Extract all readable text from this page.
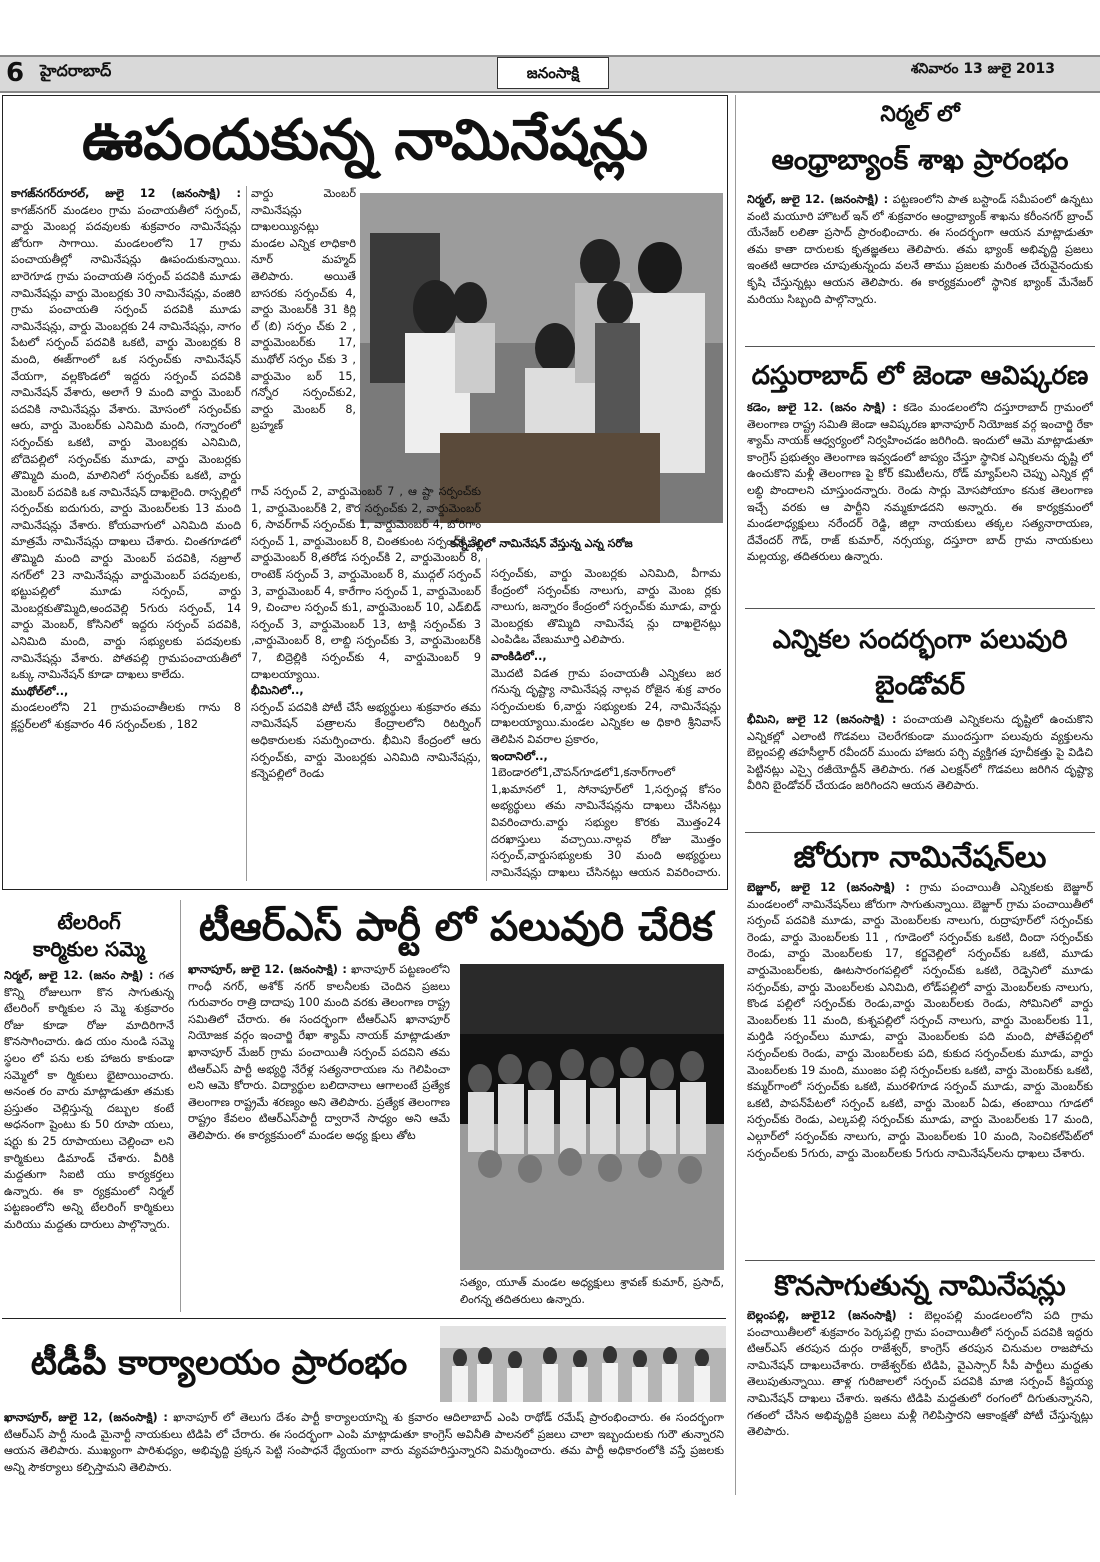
6 హైదరాబాద్	జనంసాక్షి	శనివారం 13 జులై 2013
ఊపందుకున్న నామినేషన్లు
కాగజ్‌నగర్‌రూరల్, జులై 12 (జనంసాక్షి) : కాగజ్‌నగర్ మండలం గ్రామ పంచాయతీలో సర్పంచ్, వార్డు మెంబర్ల పదవులకు శుక్రవారం నామినేషన్లు జోరుగా సాగాయి. మండలంలోని 17 గ్రామ పంచాయతీల్లో నామినేషన్లు ఊపందుకున్నాయి. బారెగూడ గ్రామ పంచాయతి సర్పంచ్ పదవికి మూడు నామినేషన్లు వార్డు మెంబర్లకు 30 నామినేషన్లు, వంజిరి గ్రామ పంచాయతి సర్పంచ్ పదవికి మూడు నామినేషన్లు, వార్డు మెంబర్లకు 24 నామినేషన్లు, నాగం పేటలో సర్పంచ్ పదవికి ఒకటి, వార్డు మెంబర్లకు 8 మంది, ఈజ్‌గాంలో ఒక సర్పంచ్‌కు నామినేషన్ వేయగా, వల్లకొండలో ఇద్దరు సర్పంచ్ పదవికి నామినేషన్ వేశారు, అలాగే 9 మంది వార్డు మెంబర్ పదవికి నామినేషన్లు వేశారు. మోసంలో సర్పంచ్‌కు ఆరు, వార్డు మెంబర్‌కు ఎనిమిది మంది, గన్నారంలో సర్పంచ్‌కు ఒకటి, వార్డు మెంబర్లకు ఎనిమిది, బోదెపల్లిలో సర్పంచ్‌కు మూడు, వార్డు మెంబర్లకు తొమ్మిది మంది, మాలినిలో సర్పంచ్‌కు ఒకటి, వార్డు మెంబర్ పదవికి ఒక నామినేషన్ దాఖలైంది. రాస్పల్లిలో సర్పంచ్‌కు ఐదుగురు, వార్డు మెంబర్‌లకు 13 మంది నామినేషన్లు వేశారు. కోయవాగులో ఎనిమిది మంది మాత్రమే నామినేషన్లు దాఖలు చేశారు. చింతగూడలో తొమ్మిది మంది వార్డు మెంబర్ పదవికి, నజ్రూల్ నగర్‌లో 23 నామినేషన్లు వార్డుమెంబర్ పదవులకు, భట్టుపల్లిలో మూడు సర్పంచ్, వార్డు మెంబర్లకుతొమ్మిది,అందవెల్లి 5గురు సర్పంచ్, 14 వార్డు మెంబర్, కోసినిలో ఇద్దరు సర్పంచ్ పదవికి, ఎనిమిది మంది, వార్డు సభ్యులకు పదవులకు నామినేషన్లు వేశారు. పోతపల్లి గ్రామపంచాయతీలో ఒక్కు నామినేషన్ కూడా దాఖలు కాలేదు.
ముథోల్‌లో..,
మండలంలోని 21 గ్రామపంచాతీలకు గాను 8 క్లస్టర్‌లలో శుక్రవారం 46 సర్పంచ్‌లకు , 182
వార్డు మెంబర్ నామినేషన్లు దాఖలయ్యినట్లు మండల ఎన్నిక లాధికారి నూర్ మహ్మద్ తెలిపారు. అయితే బాసరకు సర్పంచ్‌కు 4, వార్డు మెంబర్‌కి 31 కిర్లి ల్ (బి) సర్పం చ్‌కు 2 , వార్డుమెంబర్‌కు 17, ముథోల్ సర్పం చ్‌కు 3 , వార్డుమెం బర్ 15, గన్నోర సర్పంచ్‌కు2, వార్డు మెంబర్ 8, బ్రహ్మణ్
కన్నెపల్లిలో నామినేషన్ వేస్తున్న ఎన్న సరోజ
గావ్ సర్పంచ్ 2, వార్డుమెంబర్ 7 , ఆ ష్టా సర్పంచ్‌కు 1, వార్డుమెంబర్‌కి 2, కౌర సర్పంచ్‌కు 2, వార్డుమెంబర్ 6, సావర్‌గావ్ సర్పంచ్‌కు 1, వార్డుమెంబర్ 4, బోరిగాం సర్పంచ్ 1, వార్డుమెంబర్ 8, చింతకుంట సర్పంచ్‌కి 3, వార్డుమెంబర్ 8,తరోడ సర్పంచ్‌కి 2, వార్డుమెంబర్ 8, రాంటెక్ సర్పంచ్ 3, వార్డుమెంబర్ 8, ముద్గల్ సర్పంచ్ 3, వార్డుమెంబర్ 4, కారేగాం సర్పంచ్ 1, వార్డుమెంబర్ 9, చించాల సర్పంచ్ కు1, వార్డుమెంబర్ 10, ఎడ్‌బిడ్ సర్పంచ్ 3, వార్డుమెంబర్ 13, టాక్లి సర్పంచ్‌కు 3 ,వార్డుమెంబర్ 8, లాబ్ది సర్పంచ్‌కు 3, వార్డుమెంబర్‌కి 7, బిద్రెల్లికి సర్పంచ్‌కు 4, వార్డుమెంబర్ 9 దాఖలయ్యాయి.
భీమినిలో..,
సర్పంచ్ పదవికి పోటీ చేసే అభ్యర్థులు శుక్రవారం తమ నామినేషన్ పత్రాలను కేంద్రాలలోని రిటర్నింగ్ అధికారులకు సమర్పించారు. భీమిని కేంద్రంలో ఆరు సర్పంచ్‌కు, వార్డు మెంబర్లకు ఎనిమిది నామినేషన్లు, కన్నెపల్లిలో రెండు
సర్పంచ్‌కు, వార్డు మెంబర్లకు ఎనిమిది, వీగామ కేంద్రంలో సర్పంచ్‌కు నాలుగు, వార్డు మెంబ ర్లకు నాలుగు, జన్నారం కేంద్రంలో సర్పంచ్‌కు మూడు, వార్డు మెంబర్లకు తొమ్మిది నామినేష న్లు దాఖలైనట్లు ఎంపిడిఒ వేణుమూర్తి ఎలిపారు.
వాంకిడిలో..,
మొదటి విడత గ్రామ పంచాయతీ ఎన్నికలు జర గనున్న దృష్ట్యా నామినేషన్ల నాల్గవ రోజైన శుక్ర వారం సర్పంచులకు 6,వార్డు సభ్యులకు 24, నామినేషన్లు దాఖలయ్యాయి.మండల ఎన్నికల అ ధికారి శ్రీనివాస్ తెలిపిన వివరాల ప్రకారం,
ఇందానిలో..,
1బెండారలో1,చౌపన్‌గూడలో1,కనార్‌గాంలో 1,ఖమానలో 1, సోనాపూర్‌లో 1,సర్పంచ్ల కోసం అభ్యర్థులు తమ నామినేషన్లను దాఖలు చేసినట్లు వివరించారు.వార్డు సభ్యుల కొరకు మొత్తం24 దరఖాస్తులు వచ్చాయి.నాల్గవ రోజు మొత్తం సర్పంచ్,వార్డుసభ్యులకు 30 మంది అభ్యర్థులు నామినేషన్లు దాఖలు చేసినట్లు ఆయన వివరించారు.
టేలరింగ్
కార్మికుల సమ్మె
నిర్మల్, జులై 12. (జనం సాక్షి) : గత కొన్ని రోజులుగా కొన సాగుతున్న టేలరింగ్ కార్మికుల స మ్మె శుక్రవారం రోజు కూడా రోజు మాదిరిగానే కొనసాగించారు. ఉద యం నుండి సమ్మె స్థలం లో పను లకు హాజరు కాకుండా సమ్మెలో కా ర్మికులు భైటాయించారు. అనంత రం వారు మాట్లాడుతూ తమకు ప్రస్తుతం చెల్లిస్తున్న దబ్బుల కంటే అధనంగా షైంటు కు 50 రూపా యలు, షర్టు కు 25 రూపాయలు చెల్లించా లని కార్మికులు డిమాండ్ చేశారు. వీరికి మద్దతుగా సిఐటి యు కార్యకర్తలు ఉన్నారు. ఈ కా ర్యక్రమంలో నిర్మల్ పట్టణంలోని అన్ని టేలరింగ్ కార్మికులు మరియు మద్దతు దారులు పాల్గొన్నారు.
టీఆర్ఎస్ పార్టీ లో పలువురి చేరిక
ఖానాపూర్, జులై 12. (జనంసాక్షి) : ఖానాపూర్ పట్టణంలోని గాంధీ నగర్, అశోక్ నగర్ కాలనీలకు చెందిన ప్రజలు గురువారం రాత్రి దాదాపు 100 మంది వరకు తెలంగాణ రాష్ట్ర సమితిలో చేరారు. ఈ సందర్భంగా టీఆర్ఎస్ ఖానాపూర్ నియోజక వర్గం ఇంచార్జి రేఖా శ్యామ్ నాయక్ మాట్లాడుతూ ఖానాపూర్ మేజర్ గ్రామ పంచాయితీ సర్పంచ్ పదవిని తమ టిఆర్ఎస్ పార్టీ అభ్యర్థి నేరేళ్ల సత్యనారాయణ ను గెలిపించా లని ఆమె కోరారు. విద్యార్థుల బలిదానాలు ఆగాలంటే ప్రత్యేక తెలంగాణ రాష్ట్రమే శరణ్యం అని తెలిపారు. ప్రత్యేక తెలంగాణ రాష్ట్రం కేవలం టిఆర్ఎస్‌పార్టీ ద్వారానే సాధ్యం అని ఆమే తెలిపారు. ఈ కార్యక్రమంలో మండల అధ్య క్షులు తోట
సత్యం, యూత్ మండల అధ్యక్షులు శ్రావణ్ కుమార్, ప్రసాద్, లింగన్న తదితరులు ఉన్నారు.
టీడీపీ కార్యాలయం ప్రారంభం
ఖానాపూర్, జులై 12, (జనంసాక్షి) : ఖానాపూర్ లో తెలుగు దేశం పార్టీ కార్యాలయాన్ని శు క్రవారం ఆదిలాబాద్ ఎంపి రాథోడ్ రమేష్ ప్రారంభించారు. ఈ సందర్భంగా టిఆర్ఎస్ పార్టీ నుండి మైనార్టీ నాయకులు టిడిపి లో చేరారు. ఈ సందర్భంగా ఎంపి మాట్లాడుతూ కాంగ్రెస్ అవినీతి పాలనలో ప్రజలు చాలా ఇబ్బందులకు గురౌ తున్నారని ఆయన తెలిపారు. ముఖ్యంగా పారిశుధ్యం, అభివృద్ది ప్రక్కన పెట్టి సంపాధనే ధ్యేయంగా వారు వ్యవహరిస్తున్నారని విమర్శించారు. తమ పార్టీ అధికారంలోకి వస్తే ప్రజలకు అన్ని సౌకర్యాలు కల్పిస్తామని తెలిపారు.
నిర్మల్ లో
ఆంధ్రాబ్యాంక్ శాఖ ప్రారంభం
నిర్మల్, జులై 12. (జనంసాక్షి) : పట్టణంలోని పాత బస్టాండ్ సమీపంలో ఉన్నటు వంటి మయూరి హొటల్ ఇన్ లో శుక్రవారం ఆంధ్రాబ్యాంక్ శాఖను కరీంనగర్ బ్రాంచ్ యేనేజర్ లలితా ప్రసాద్ ప్రారంభించారు. ఈ సందర్భంగా ఆయన మాట్లాడుతూ తమ కాతా దారులకు కృతజ్ఞతలు తెలిపారు. తమ భ్యాంక్ అభివృద్ది ప్రజలు ఇంతటి ఆదారణ చూపుతున్నందు వలనే తాము ప్రజలకు మరింత చేరువైనందుకు కృషి చేస్తున్నట్లు ఆయన తెలిపారు. ఈ కార్యక్రమంలో స్థానిక భ్యాంక్ మేనేజర్ మరియు సిబ్బంది పాల్గొన్నారు.
దస్తురాబాద్ లో జెండా ఆవిష్కరణ
కడెం, జులై 12. (జనం సాక్షి) : కడెం మండలంలోని దస్తూరాబాద్ గ్రామంలో తెలంగాణ రాష్ట్ర సమితి జెండా ఆవిష్కరణ ఖానాపూర్ నియోజక వర్గ ఇంచార్జి రేకా శ్యామ్ నాయక్ ఆధ్వర్యంలో నిర్వహించడం జరిగింది. ఇందులో ఆమె మాట్లాడుతూ కాంగ్రెస్ ప్రభుత్వం తెలంగాణ ఇవ్వడంలో జాప్యం చేస్తూ స్థానిక ఎన్నికలను దృష్టి లో ఉంచుకొని మళ్లీ తెలంగాణ పై కోర్ కమిటీలను, రోడ్ మ్యాప్‌లని చెప్పు ఎన్నిక ల్లో లబ్ధి పొందాలని చూస్తుందన్నారు. రెండు సార్లు మోసపోయాం కనుక తెలంగాణ ఇచ్చే వరకు ఆ పార్టీని నమ్మకూడదని అన్నారు. ఈ కార్యక్రమంలో మండలాధ్యక్షులు నరేందర్ రెడ్డి, జిల్లా నాయకులు తక్కల సత్యనారాయణ, దేవేందర్ గౌడ్, రాజ్ కుమార్, నర్సయ్య, దస్తూరా బాద్ గ్రామ నాయకులు మల్లయ్య, తదితరులు ఉన్నారు.
ఎన్నికల సందర్భంగా పలువురి
బైండోవర్
భీమిని, జులై 12 (జనంసాక్షి) : పంచాయతి ఎన్నికలను దృష్టిలో ఉంచుకొని ఎన్నికల్లో ఎలాంటి గొడవలు చెలరేగకుండా ముందస్తుగా పలువురు వ్యక్తులను బెల్లంపల్లి తహసీల్దార్ రవీందర్ ముందు హాజరు పర్చి వ్యక్తిగత పూచీకత్తు పై విడిచి పెట్టినట్లు ఎస్సై రజీయోద్దీన్ తెలిపారు. గత ఎలక్షన్‌లో గొడవలు జరిగిన దృష్ట్యా వీరిని బైండోవర్ చేయడం జరిగిందని ఆయన తెలిపారు.
జోరుగా నామినేషన్‌లు
బెజ్జూర్, జులై 12 (జనంసాక్షి) : గ్రామ పంచాయితీ ఎన్నికలకు బెజ్జూర్ మండలంలో నామినేషన్‌లు జోరుగా సాగుతున్నాయి. బెజ్జూర్ గ్రామ పంచాయితీలో సర్పంచ్ పదవికి మూడు, వార్డు మెంబర్‌లకు నాలుగు, రుద్రాపూర్‌లో సర్పంచ్‌కు రెండు, వార్డు మెంబర్‌లకు 11 , గూడెంలో సర్పంచ్‌కు ఒకటి, దిందా సర్పంచ్‌కు రెండు, వార్డు మెంబర్‌లకు 17, కర్జవెల్లిలో సర్పంచ్‌కు ఒకటి, మూడు వార్డుమెంబర్‌లకు, ఊటసారంగపల్లిలో సర్పంచ్‌కు ఒకటి, రెడ్పెనిలో మూడు సర్పంచ్‌కు, వార్డు మెంబర్‌లకు ఎనిమిది, లోడ్‌పల్లిలో వార్డు మెంబర్‌లకు నాలుగు, కొండ పల్లిలో సర్పంచ్‌కు రెండు,వార్డు మెంబర్‌లకు రెండు, సోమినిలో వార్డు మెంబర్‌లకు 11 మంది, కుశ్నపల్లిలో సర్పంచ్ నాలుగు, వార్డు మెంబర్‌లకు 11, మర్తిడి సర్పంచ్‌లు మూడు, వార్డు మెంబర్‌లకు పది మంది, పోతేపల్లిలో సర్పంచ్‌లకు రెండు, వార్డు మెంబర్‌లకు పది, కుకుద సర్పంచ్‌లకు మూడు, వార్డు మెంబర్‌లకు 19 మంది, ముంజం పల్లి సర్పంచ్‌లకు ఒకటి, వార్డు మెంబర్‌కు ఒకటి, కమ్మర్‌గాంలో సర్పంచ్‌కు ఒకటి, మురళిగూడ సర్పంచ్ మూడు, వార్డు మెంబర్‌కు ఒకటి, పాపన్‌పేటలో సర్పంచ్ ఒకటి, వార్డు మెంబర్ ఏడు, తంబాయి గూడలో సర్పంచ్‌కు రెండు, ఎల్కపల్లి సర్పంచ్‌కు మూడు, వార్డు మెంబర్‌లకు 17 మంది, ఎల్గూర్‌లో సర్పంచ్‌కు నాలుగు, వార్డు మెంబర్‌లకు 10 మంది, సెంచికల్‌పేట్‌లో సర్పంచ్‌లకు 5గురు, వార్డు మెంబర్‌లకు 5గురు నామినేషన్‌లను ధాఖలు చేశారు.
కొనసాగుతున్న నామినేషన్లు
బెల్లంపల్లి, జులై12 (జనంసాక్షి) : బెల్లంపల్లి మండలంలోని పది గ్రామ పంచాయితీలలో శుక్రవారం పెర్కపల్లి గ్రామ పంచాయితీలో సర్పంచ్ పదవికి ఇద్దరు టిఆర్ఎస్ తరపున దుర్గం రాజేశ్వర్, కాంగ్రెస్ తరపున చినుమల రాజపోచు నామినేషన్ దాఖలుచేశారు. రాజేశ్వర్‌కు టిడిపి, వైఎస్సార్ సీపీ పార్టీలు మద్దతు తెలుపుతున్నాయి. తాళ్ల గురిజాలలో సర్పంచ్ పదవికి మాజి సర్పంచ్ కిష్టయ్య నామినేషన్ దాఖలు చేశారు. ఇతను టిడిపి మద్దతులో రంగంలో దిగుతున్నానని, గతంలో చేసిన అభివృద్దికి ప్రజలు మళ్లీ గెలిపిస్తారని ఆకాంక్షతో పోటీ చేస్తున్నట్లు తెలిపారు.
